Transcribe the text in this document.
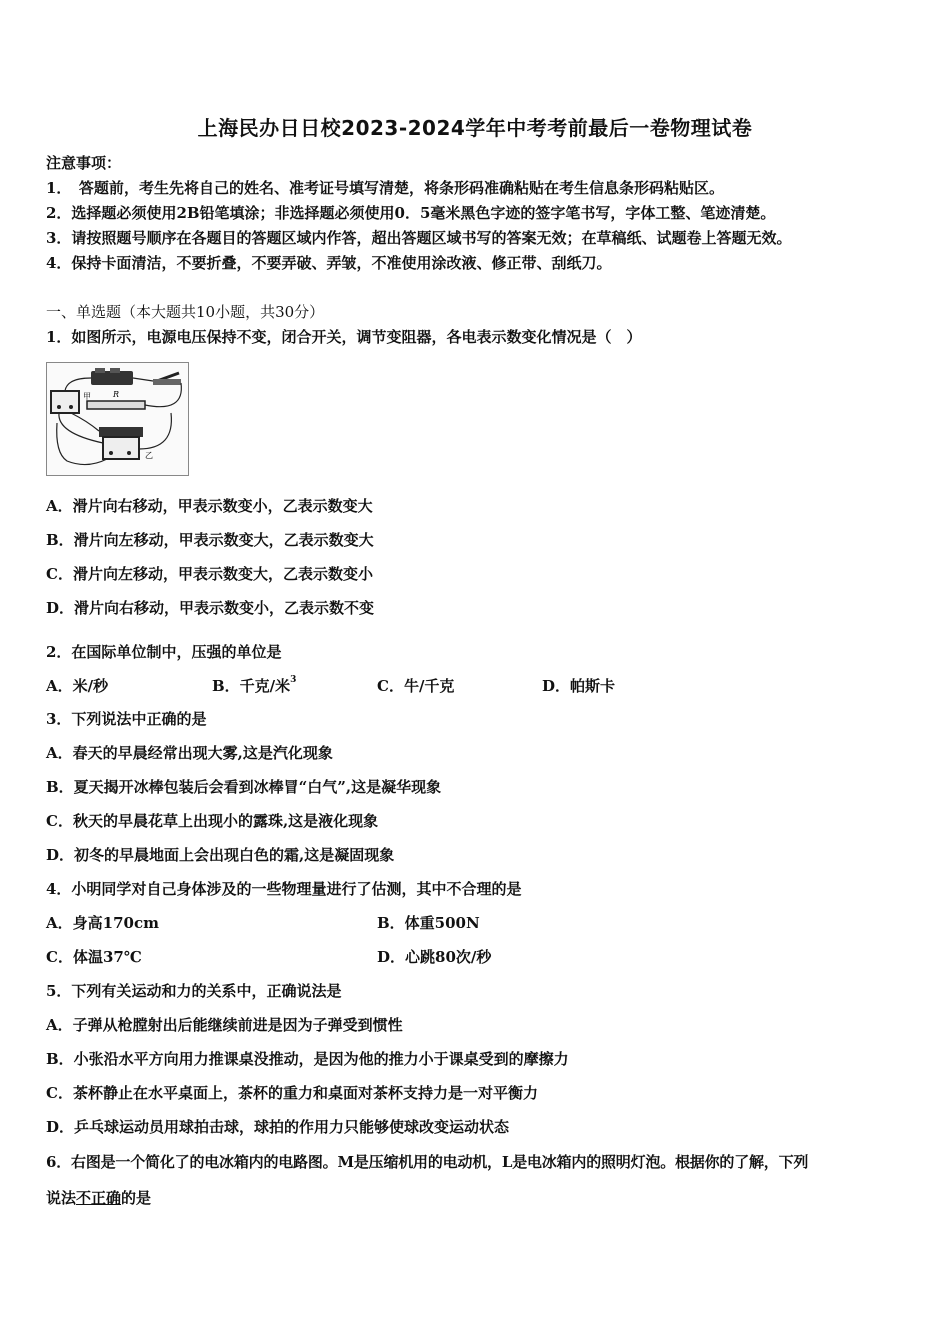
上海民办日日校2023-2024学年中考考前最后一卷物理试卷
注意事项：
1．　答题前，考生先将自己的姓名、准考证号填写清楚，将条形码准确粘贴在考生信息条形码粘贴区。
2．选择题必须使用2B铅笔填涂；非选择题必须使用0．5毫米黑色字迹的签字笔书写，字体工整、笔迹清楚。
3．请按照题号顺序在各题目的答题区域内作答，超出答题区域书写的答案无效；在草稿纸、试题卷上答题无效。
4．保持卡面清洁，不要折叠，不要弄破、弄皱，不准使用涂改液、修正带、刮纸刀。
一、单选题（本大题共10小题，共30分）
1．如图所示，电源电压保持不变，闭合开关，调节变阻器，各电表示数变化情况是（　）
甲	R
乙
A．滑片向右移动，甲表示数变小，乙表示数变大
B．滑片向左移动，甲表示数变大，乙表示数变大
C．滑片向左移动，甲表示数变大，乙表示数变小
D．滑片向右移动，甲表示数变小，乙表示数不变
2．在国际单位制中，压强的单位是
A．米/秒	B．千克/米$^3$	C．牛/千克	D．帕斯卡
3．下列说法中正确的是
A．春天的早晨经常出现大雾,这是汽化现象
B．夏天揭开冰棒包装后会看到冰棒冒“白气”,这是凝华现象
C．秋天的早晨花草上出现小的露珠,这是液化现象
D．初冬的早晨地面上会出现白色的霜,这是凝固现象
4．小明同学对自己身体涉及的一些物理量进行了估测，其中不合理的是
A．身高170cm	B．体重500N
C．体温37℃	D．心跳80次/秒
5．下列有关运动和力的关系中，正确说法是
A．子弹从枪膛射出后能继续前进是因为子弹受到惯性
B．小张沿水平方向用力推课桌没推动，是因为他的推力小于课桌受到的摩擦力
C．茶杯静止在水平桌面上，茶杯的重力和桌面对茶杯支持力是一对平衡力
D．乒乓球运动员用球拍击球，球拍的作用力只能够使球改变运动状态
6．右图是一个简化了的电冰箱内的电路图。M是压缩机用的电动机，L是电冰箱内的照明灯泡。根据你的了解，下列
说法不正确的是
